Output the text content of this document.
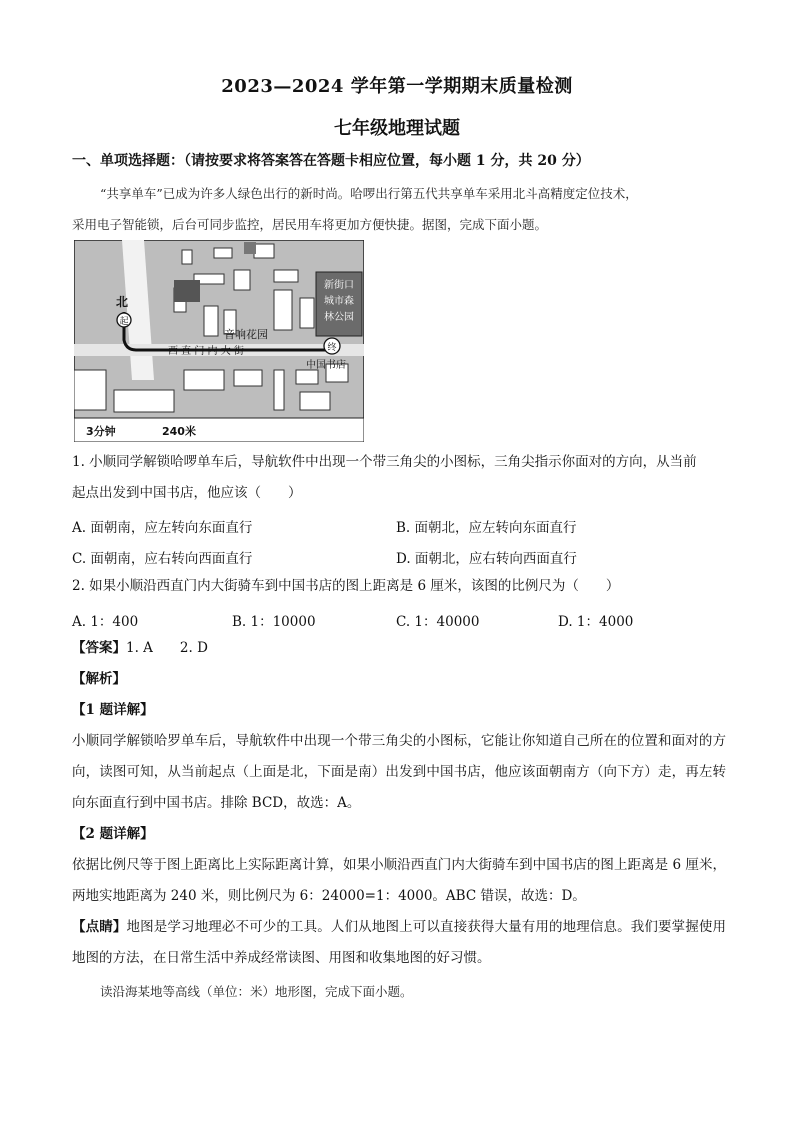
2023—2024 学年第一学期期末质量检测
七年级地理试题
一、单项选择题：（请按要求将答案答在答题卡相应位置，每小题 1 分，共 20 分）
“共享单车”已成为许多人绿色出行的新时尚。哈啰出行第五代共享单车采用北斗高精度定位技术，
采用电子智能锁，后台可同步监控，居民用车将更加方便快捷。据图，完成下面小题。
新街口
城市森
林公园
音响花园
西 直 门 内 大 街
中国书店
北
起
终
3分钟	240米
1. 小顺同学解锁哈啰单车后，导航软件中出现一个带三角尖的小图标，三角尖指示你面对的方向，从当前
起点出发到中国书店，他应该（　　）
A. 面朝南，应左转向东面直行	B. 面朝北，应左转向东面直行
C. 面朝南，应右转向西面直行	D. 面朝北，应右转向西面直行
2. 如果小顺沿西直门内大街骑车到中国书店的图上距离是 6 厘米，该图的比例尺为（　　）
A. 1：400	B. 1：10000	C. 1：40000	D. 1：4000
【答案】1. A　　2. D
【解析】
【1 题详解】
小顺同学解锁哈罗单车后，导航软件中出现一个带三角尖的小图标，它能让你知道自己所在的位置和面对的方向，读图可知，从当前起点（上面是北，下面是南）出发到中国书店，他应该面朝南方（向下方）走，再左转向东面直行到中国书店。排除 BCD，故选：A。
【2 题详解】
依据比例尺等于图上距离比上实际距离计算，如果小顺沿西直门内大街骑车到中国书店的图上距离是 6 厘米，两地实地距离为 240 米，则比例尺为 6：24000=1：4000。ABC 错误，故选：D。
【点睛】地图是学习地理必不可少的工具。人们从地图上可以直接获得大量有用的地理信息。我们要掌握使用地图的方法，在日常生活中养成经常读图、用图和收集地图的好习惯。
读沿海某地等高线（单位：米）地形图，完成下面小题。
